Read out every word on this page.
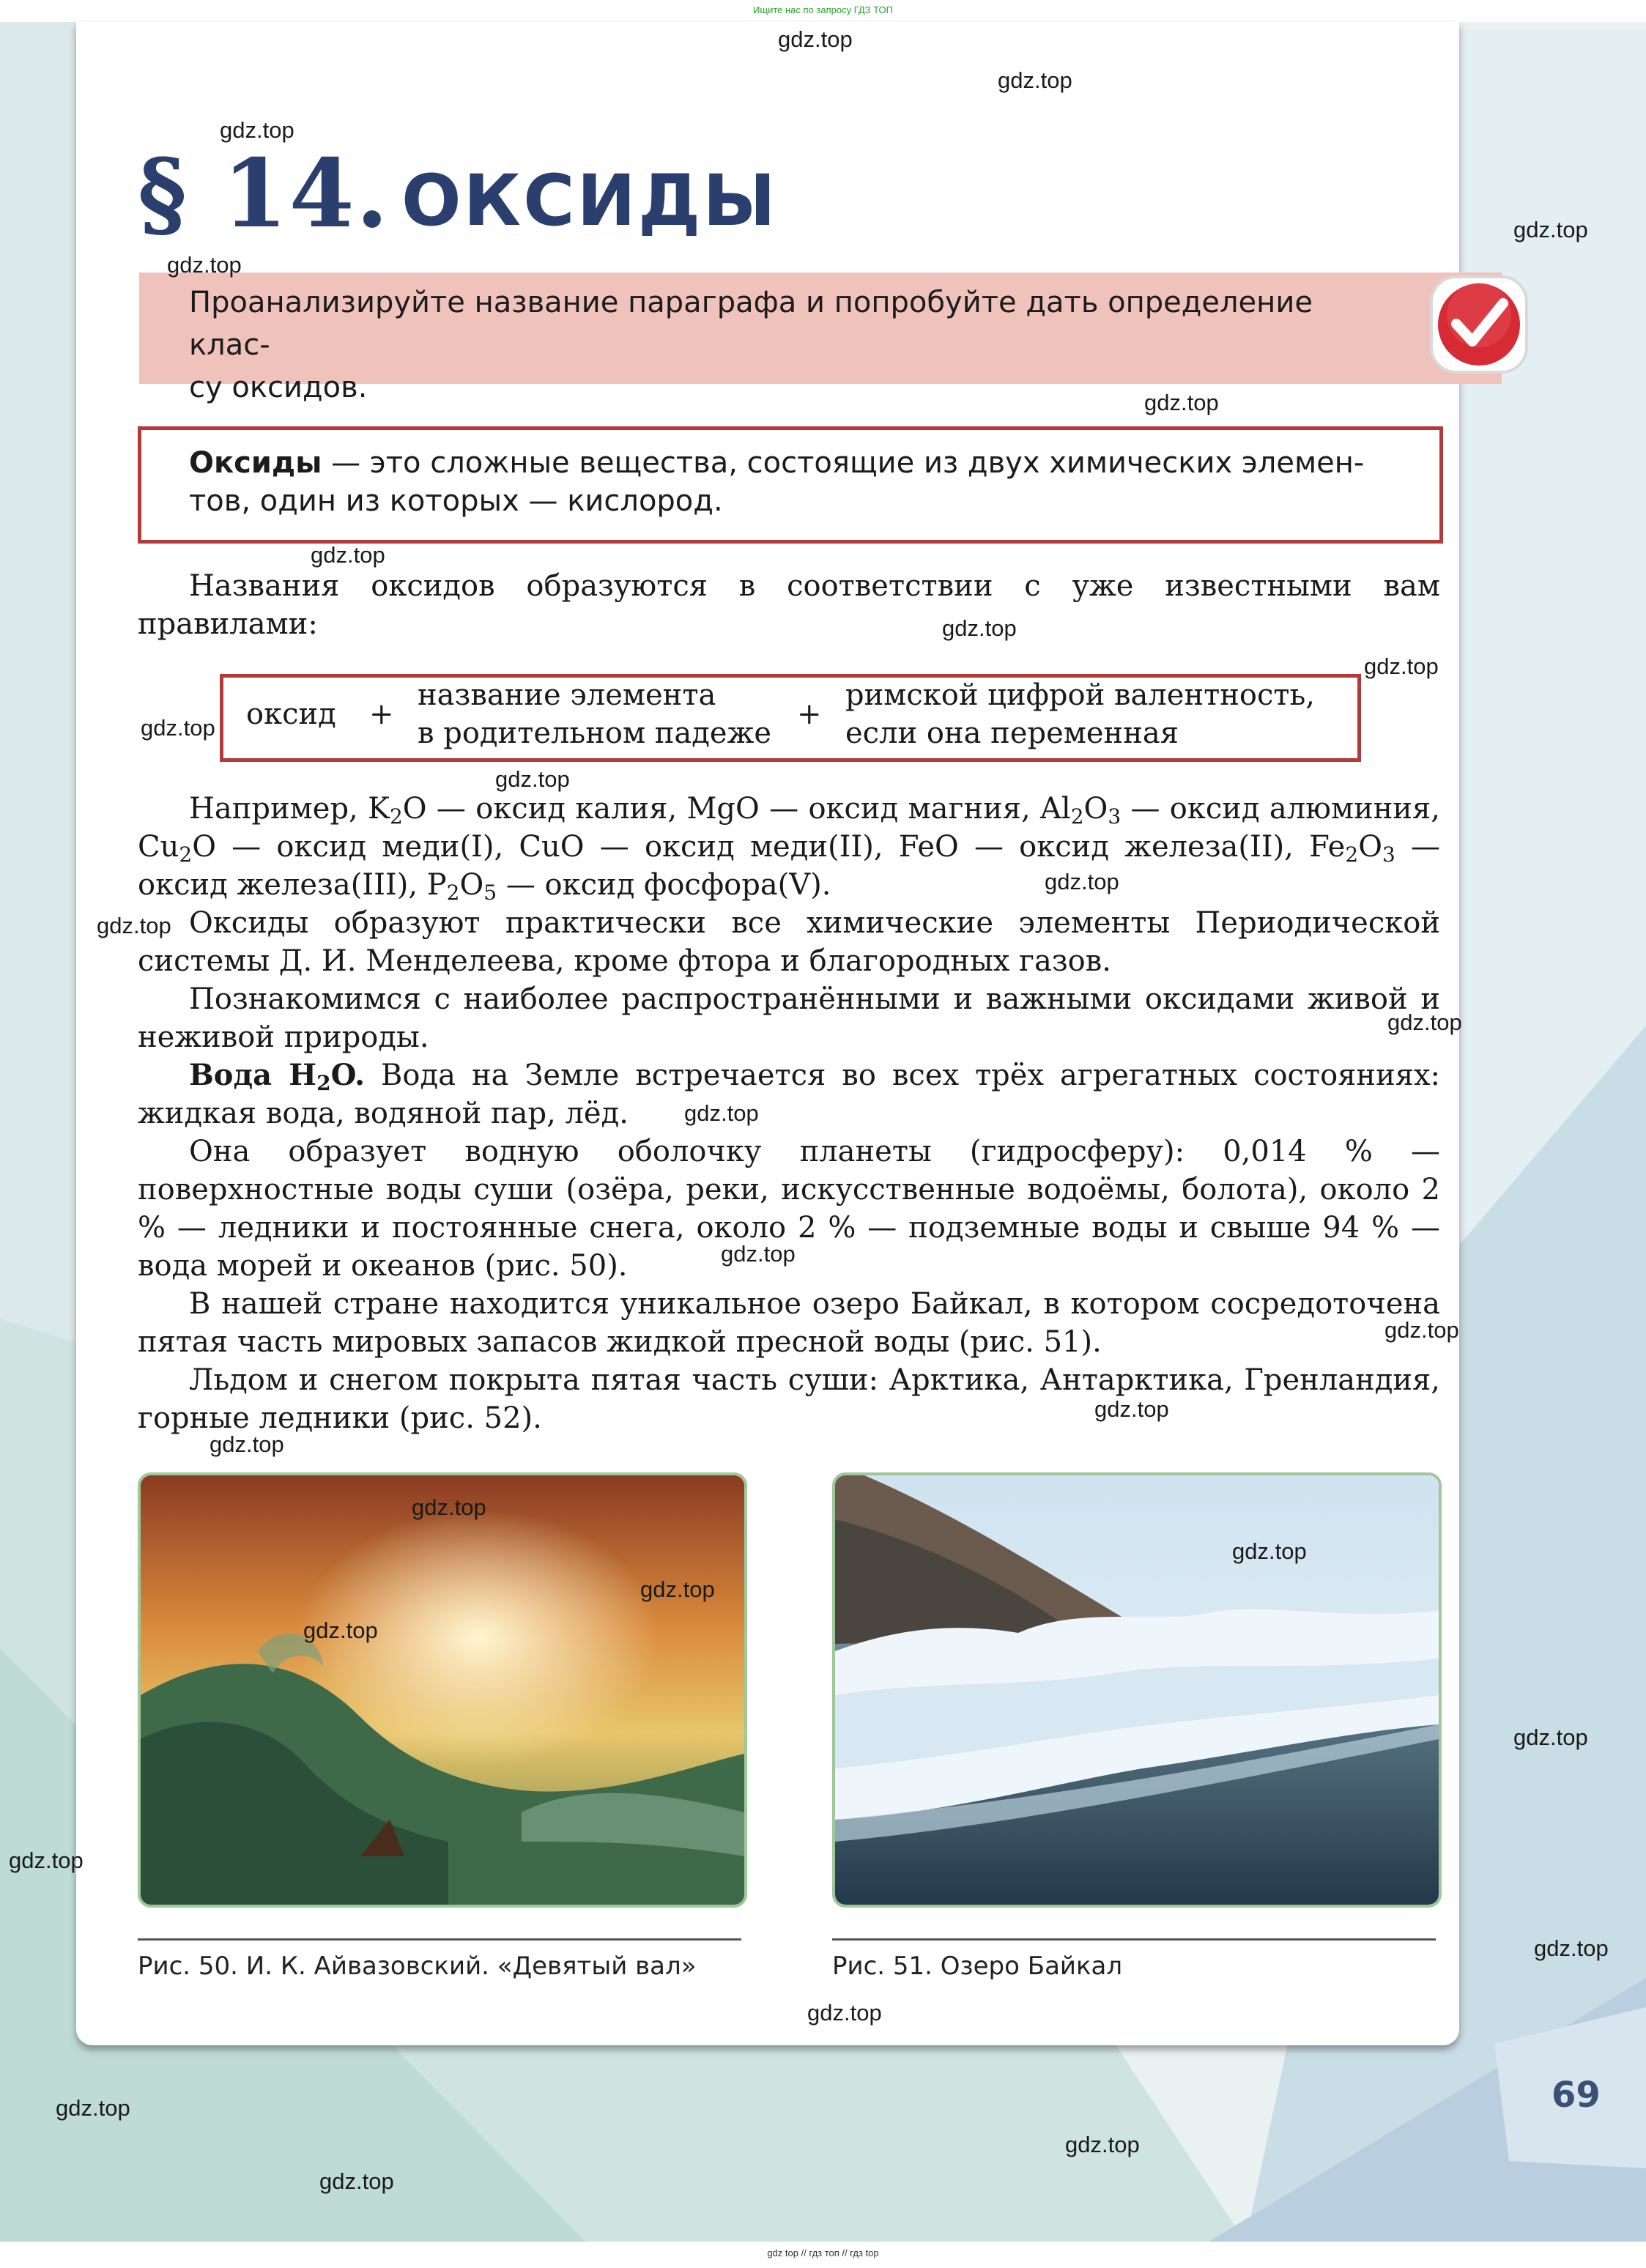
Ищите нас по запросу ГДЗ ТОП
§ 14. ОКСИДЫ
Проанализируйте название параграфа и попробуйте дать определение клас-
су оксидов.
Оксиды — это сложные вещества, состоящие из двух химических элемен-
тов, один из которых — кислород.
Названия оксидов образуются в соответствии с уже известными вам правилами:
оксид +
название элемента
в родительном падеже
+
римской цифрой валентность,
если она переменная
Например, $K_2O$ — оксид калия, MgO — оксид магния, $Al_2O_3$ — оксид алюминия, $Cu_2O$ — оксид меди(I), CuO — оксид меди(II), FeO — оксид железа(II), $Fe_2O_3$ — оксид железа(III), $P_2O_5$ — оксид фосфора(V).
Оксиды образуют практически все химические элементы Периодической системы Д. И. Менделеева, кроме фтора и благородных газов.
Познакомимся с наиболее распространёнными и важными оксидами живой и неживой природы.
Вода $H_2O$. Вода на Земле встречается во всех трёх агрегатных состояниях: жидкая вода, водяной пар, лёд.
Она образует водную оболочку планеты (гидросферу): 0,014 % — поверхностные воды суши (озёра, реки, искусственные водоёмы, болота), около 2 % — ледники и постоянные снега, около 2 % — подземные воды и свыше 94 % — вода морей и океанов (рис. 50).
В нашей стране находится уникальное озеро Байкал, в котором сосредоточена пятая часть мировых запасов жидкой пресной воды (рис. 51).
Льдом и снегом покрыта пятая часть суши: Арктика, Антарктика, Гренландия, горные ледники (рис. 52).
Рис. 50. И. К. Айвазовский. «Девятый вал»	Рис. 51. Озеро Байкал
69
gdz.top
gdz.top
gdz.top
gdz.top
gdz.top
gdz.top
gdz.top
gdz.top
gdz.top
gdz.top
gdz.top
gdz.top
gdz.top
gdz.top
gdz.top
gdz.top
gdz.top
gdz.top
gdz.top
gdz.top
gdz.top
gdz.top
gdz.top
gdz.top
gdz.top
gdz.top
gdz.top
gdz.top
gdz.top
gdz.top
gdz top // гдз топ // гдз top
